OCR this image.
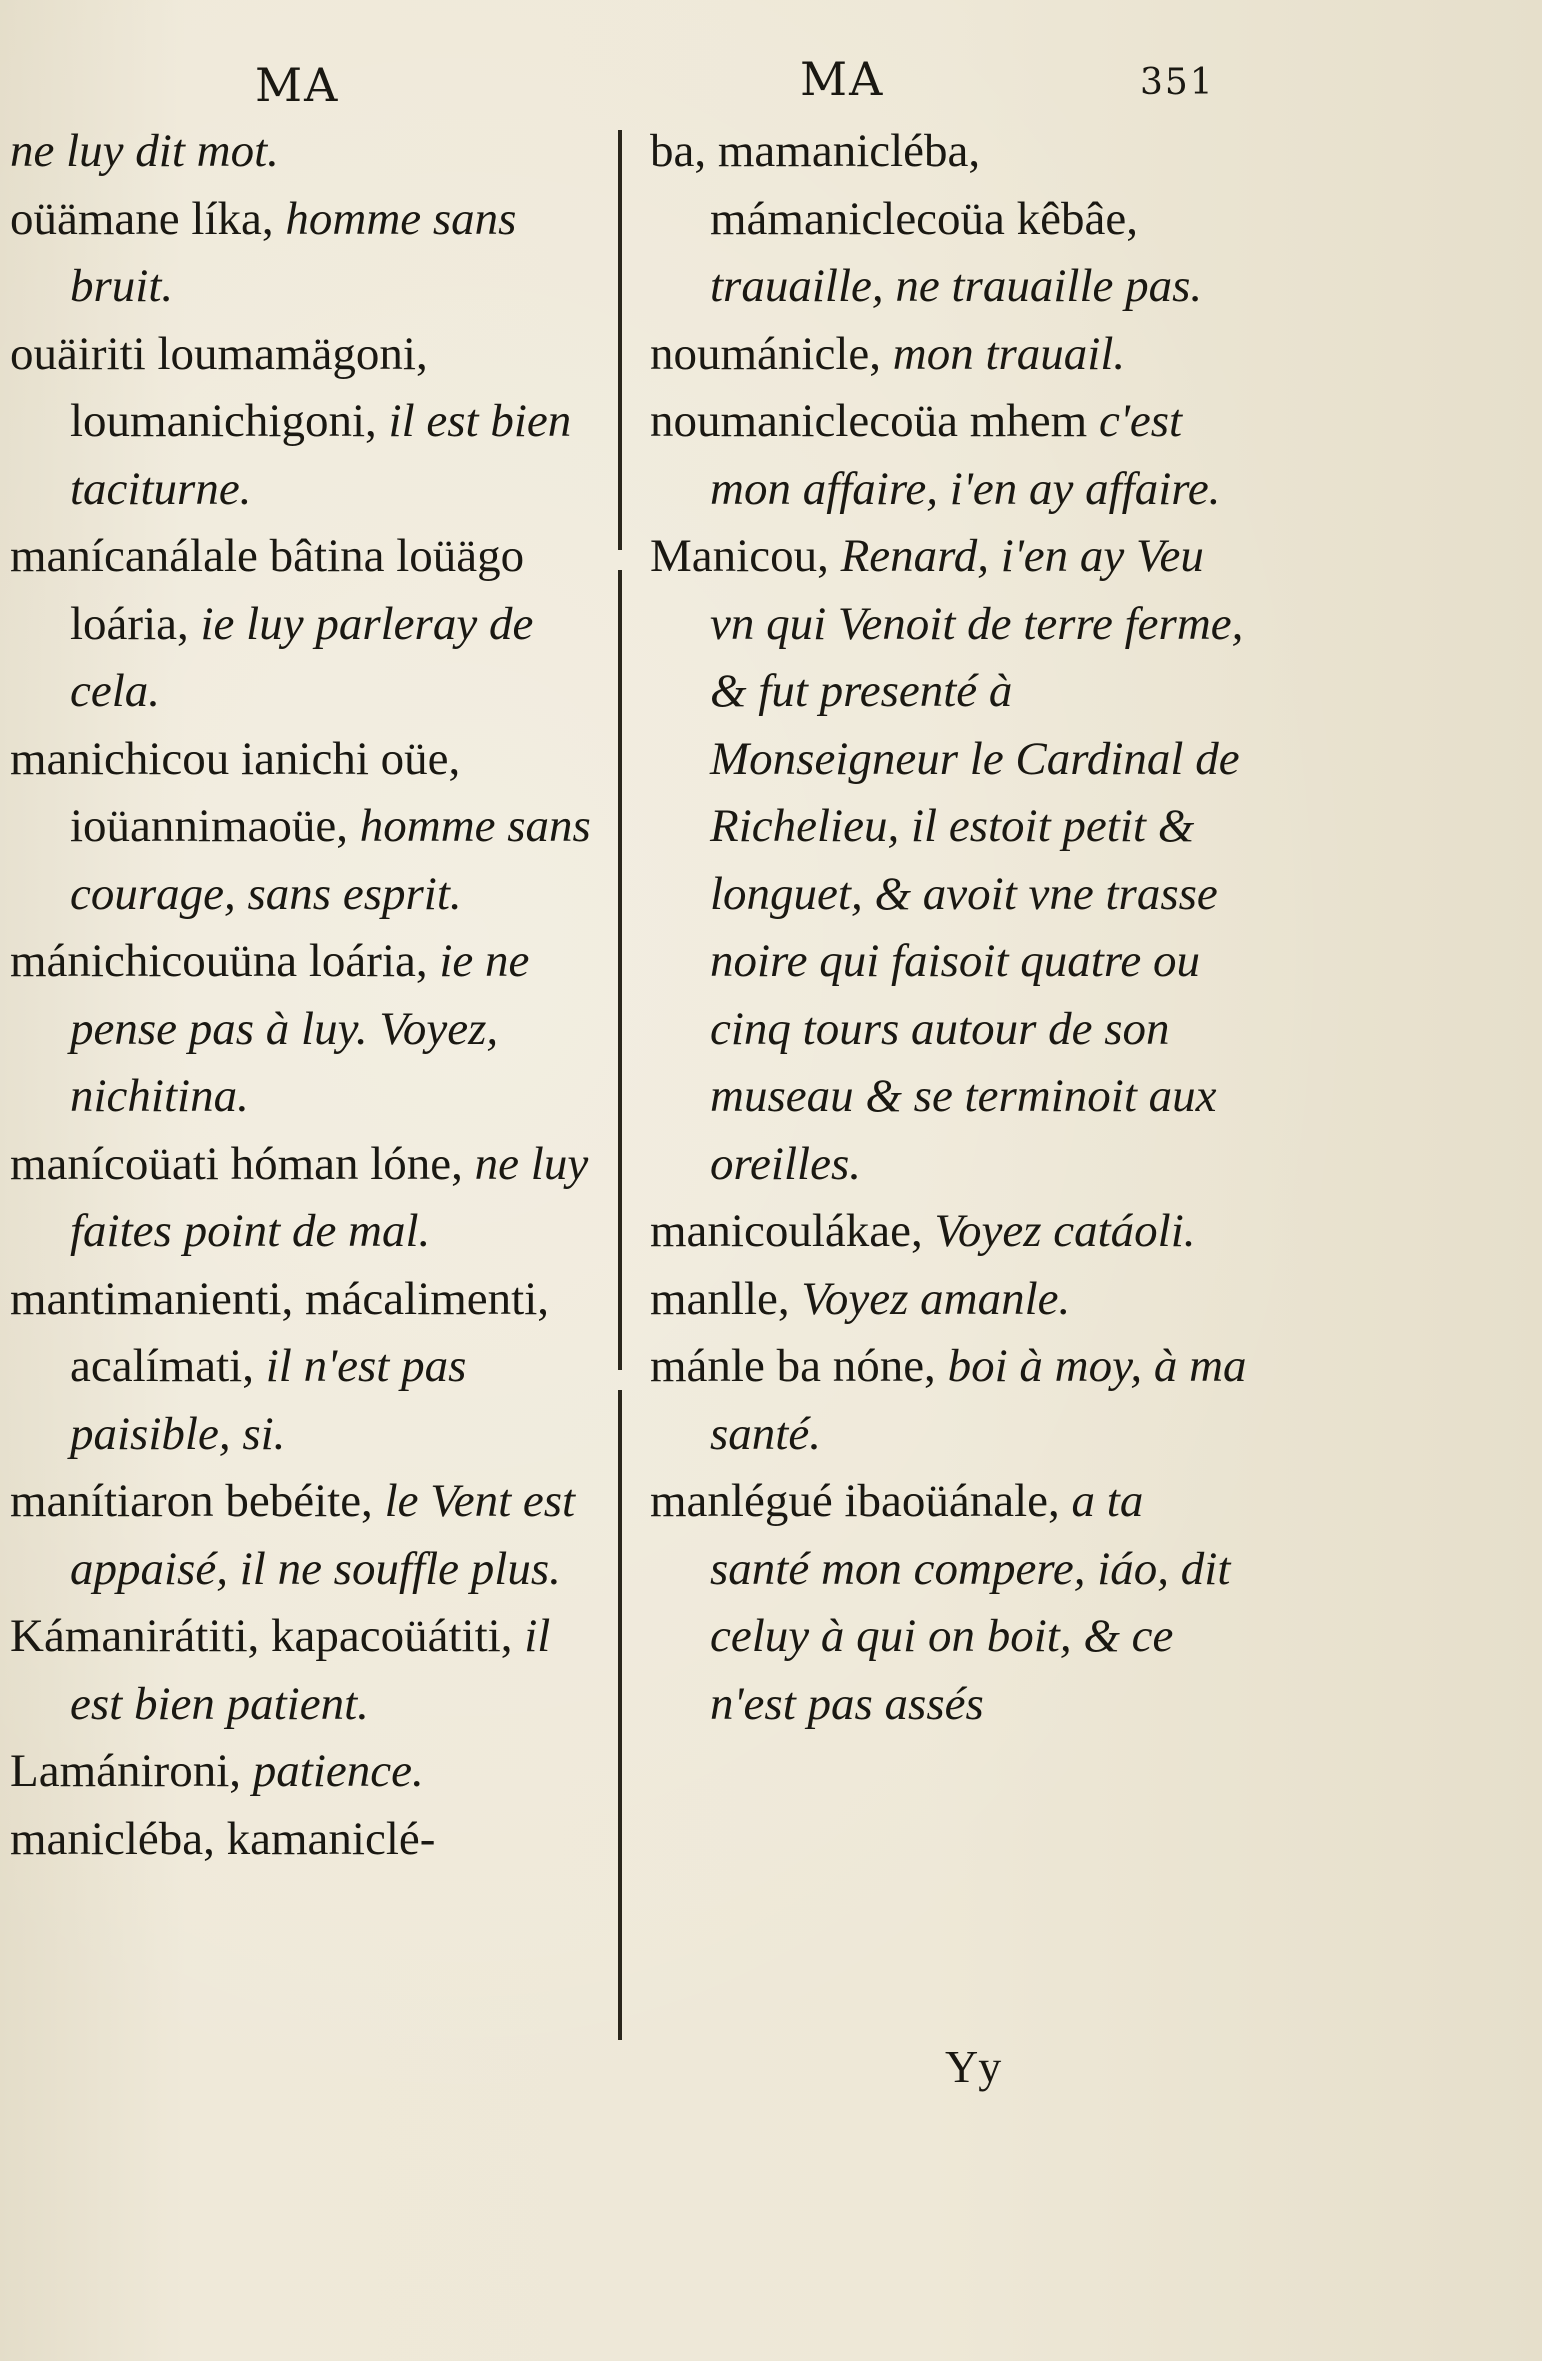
MA	MA	351

ne luy dit mot.

oüämane líka, homme sans bruit.

ouäiriti loumamägoni, loumanichigoni, il est bien taciturne.

manícanálale bâtina loüägo loária, ie luy parleray de cela.

manichicou ianichi oüe, ioüannimaoüe, homme sans courage, sans esprit.

mánichicouüna loária, ie ne pense pas à luy. Voyez, nichitina.

manícoüati hóman lóne, ne luy faites point de mal.

mantimanienti, mácalimenti, acalímati, il n'est pas paisible, si.

manítiaron bebéite, le Vent est appaisé, il ne souffle plus.

Kámanirátiti, kapacoüátiti, il est bien patient.

Lamánironi, patience.

manicléba, kamaniclé-

ba, mamanicléba, mámaniclecoüa kêbâe, trauaille, ne trauaille pas.

noumánicle, mon trauail.

noumaniclecoüa mhem c'est mon affaire, i'en ay affaire.

Manicou, Renard, i'en ay Veu vn qui Venoit de terre ferme, & fut presenté à Monseigneur le Cardinal de Richelieu, il estoit petit & longuet, & avoit vne trasse noire qui faisoit quatre ou cinq tours autour de son museau & se terminoit aux oreilles.

manicoulákae, Voyez catáoli.

manlle, Voyez amanle.

mánle ba nóne, boi à moy, à ma santé.

manlégué ibaoüánale, a ta santé mon compere, iáo, dit celuy à qui on boit, & ce n'est pas assés

Yy
